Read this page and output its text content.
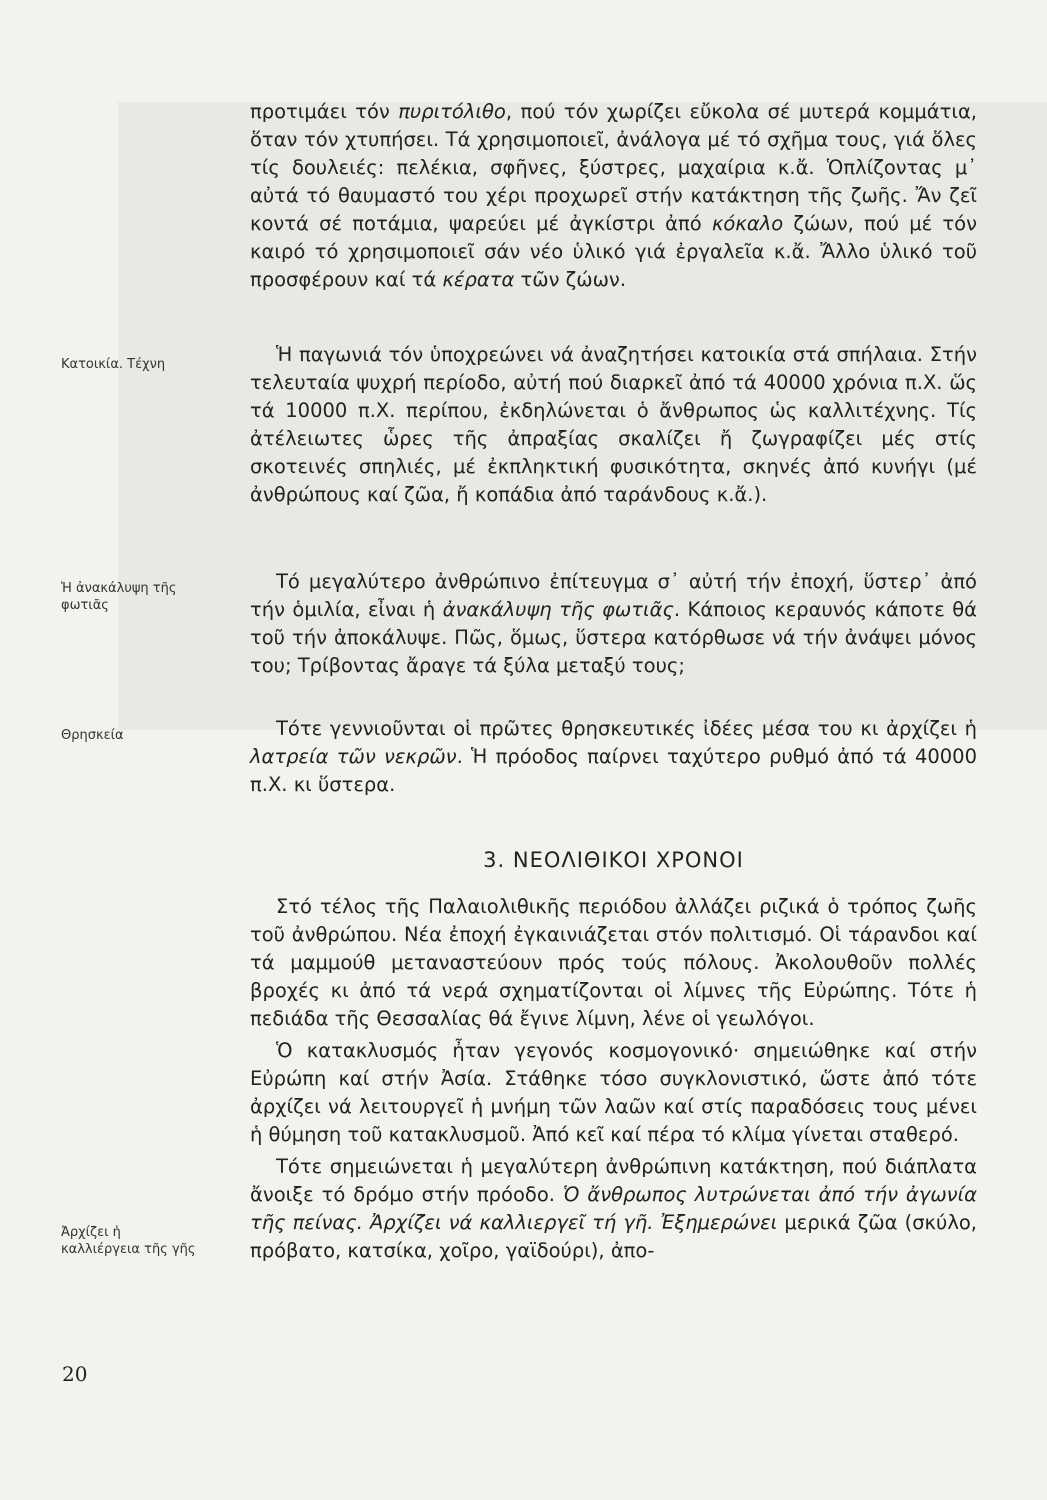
Κατοικία. Τέχνη
Ἡ ἀνακάλυψη τῆς φωτιᾶς
Θρησκεία
Ἀρχίζει ἡ καλλιέργεια τῆς γῆς

προτιμάει τόν πυριτόλιθο, πού τόν χωρίζει εὔκολα σέ μυτερά κομμάτια, ὅταν τόν χτυπήσει. Τά χρησιμοποιεῖ, ἀνάλογα μέ τό σχῆμα τους, γιά ὅλες τίς δουλειές: πελέκια, σφῆνες, ξύστρες, μαχαίρια κ.ἄ. Ὁπλίζοντας μ᾽ αὐτά τό θαυμαστό του χέρι προχωρεῖ στήν κατάκτηση τῆς ζωῆς. Ἄν ζεῖ κοντά σέ ποτάμια, ψαρεύει μέ ἀγκίστρι ἀπό κόκαλο ζώων, πού μέ τόν καιρό τό χρησιμοποιεῖ σάν νέο ὑλικό γιά ἐργαλεῖα κ.ἄ. Ἄλλο ὑλικό τοῦ προσφέρουν καί τά κέρατα τῶν ζώων.

Ἡ παγωνιά τόν ὑποχρεώνει νά ἀναζητήσει κατοικία στά σπήλαια. Στήν τελευταία ψυχρή περίοδο, αὐτή πού διαρκεῖ ἀπό τά 40000 χρόνια π.Χ. ὥς τά 10000 π.Χ. περίπου, ἐκδηλώνεται ὁ ἄνθρωπος ὡς καλλιτέχνης. Τίς ἀτέλειωτες ὧρες τῆς ἀπραξίας σκαλίζει ἤ ζωγραφίζει μές στίς σκοτεινές σπηλιές, μέ ἐκπληκτική φυσικότητα, σκηνές ἀπό κυνήγι (μέ ἀνθρώπους καί ζῶα, ἤ κοπάδια ἀπό ταράνδους κ.ἄ.).

Τό μεγαλύτερο ἀνθρώπινο ἐπίτευγμα σ᾽ αὐτή τήν ἐποχή, ὕστερ᾽ ἀπό τήν ὁμιλία, εἶναι ἡ ἀνακάλυψη τῆς φωτιᾶς. Κάποιος κεραυνός κάποτε θά τοῦ τήν ἀποκάλυψε. Πῶς, ὅμως, ὕστερα κατόρθωσε νά τήν ἀνάψει μόνος του; Τρίβοντας ἄραγε τά ξύλα μεταξύ τους;

Τότε γεννιοῦνται οἱ πρῶτες θρησκευτικές ἰδέες μέσα του κι ἀρχίζει ἡ λατρεία τῶν νεκρῶν. Ἡ πρόοδος παίρνει ταχύτερο ρυθμό ἀπό τά 40000 π.Χ. κι ὕστερα.

3. ΝΕΟΛΙΘΙΚΟΙ ΧΡΟΝΟΙ

Στό τέλος τῆς Παλαιολιθικῆς περιόδου ἀλλάζει ριζικά ὁ τρόπος ζωῆς τοῦ ἀνθρώπου. Νέα ἐποχή ἐγκαινιάζεται στόν πολιτισμό. Οἱ τάρανδοι καί τά μαμμούθ μεταναστεύουν πρός τούς πόλους. Ἀκολουθοῦν πολλές βροχές κι ἀπό τά νερά σχηματίζονται οἱ λίμνες τῆς Εὐρώπης. Τότε ἡ πεδιάδα τῆς Θεσσαλίας θά ἔγινε λίμνη, λένε οἱ γεωλόγοι.

Ὁ κατακλυσμός ἦταν γεγονός κοσμογονικό· σημειώθηκε καί στήν Εὐρώπη καί στήν Ἀσία. Στάθηκε τόσο συγκλονιστικό, ὥστε ἀπό τότε ἀρχίζει νά λειτουργεῖ ἡ μνήμη τῶν λαῶν καί στίς παραδόσεις τους μένει ἡ θύμηση τοῦ κατακλυσμοῦ. Ἀπό κεῖ καί πέρα τό κλίμα γίνεται σταθερό.

Τότε σημειώνεται ἡ μεγαλύτερη ἀνθρώπινη κατάκτηση, πού διάπλατα ἄνοιξε τό δρόμο στήν πρόοδο. Ὁ ἄνθρωπος λυτρώνεται ἀπό τήν ἀγωνία τῆς πείνας. Ἀρχίζει νά καλλιεργεῖ τή γῆ. Ἐξημερώνει μερικά ζῶα (σκύλο, πρόβατο, κατσίκα, χοῖρο, γαϊδούρι), ἀπο-

20
